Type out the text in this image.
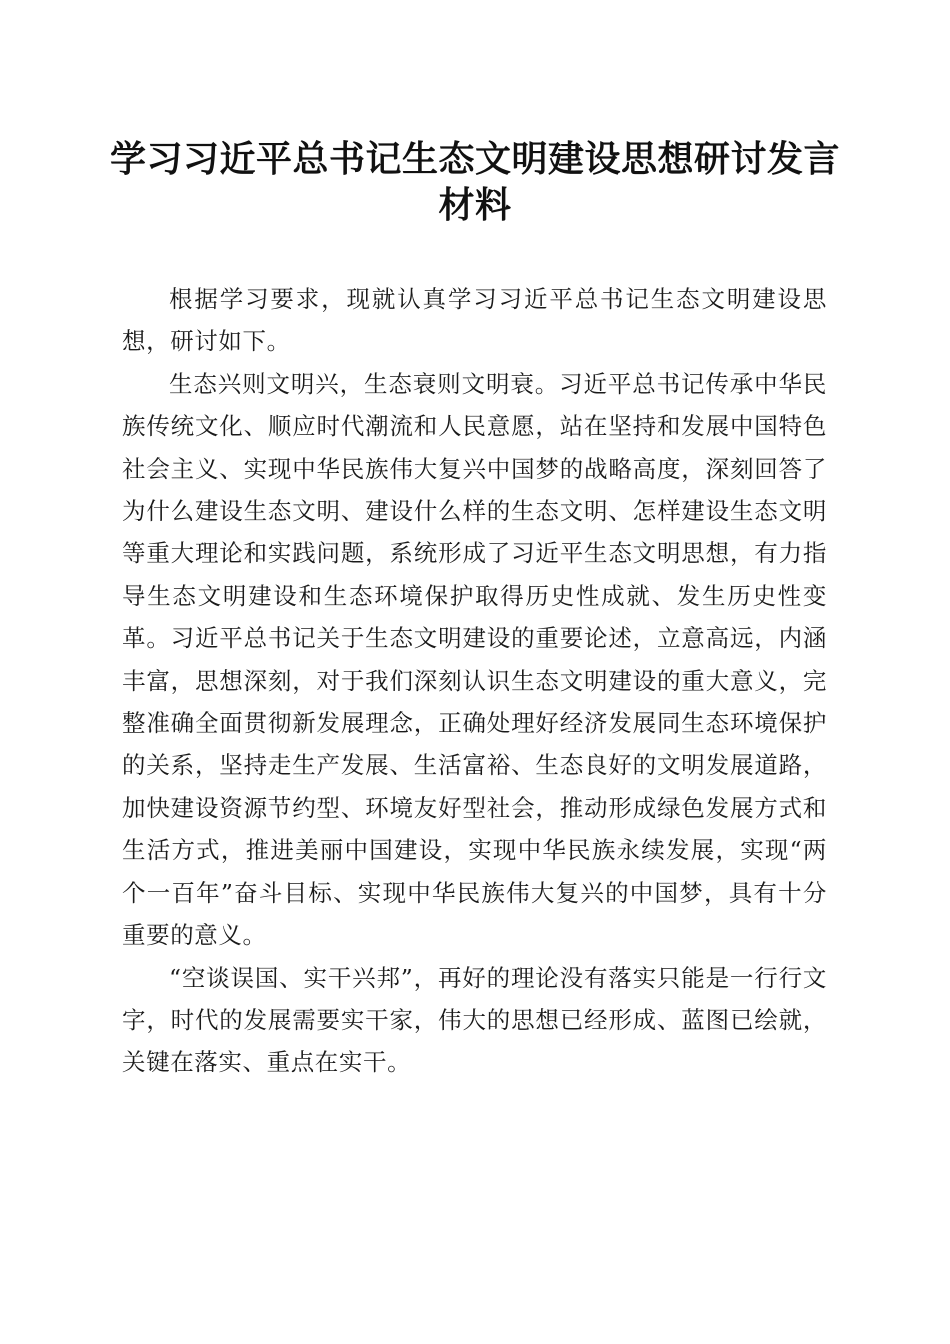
学习习近平总书记生态文明建设思想研讨发言
材料

根据学习要求，现就认真学习习近平总书记生态文明建设思想，研讨如下。

生态兴则文明兴，生态衰则文明衰。习近平总书记传承中华民族传统文化、顺应时代潮流和人民意愿，站在坚持和发展中国特色社会主义、实现中华民族伟大复兴中国梦的战略高度，深刻回答了为什么建设生态文明、建设什么样的生态文明、怎样建设生态文明等重大理论和实践问题，系统形成了习近平生态文明思想，有力指导生态文明建设和生态环境保护取得历史性成就、发生历史性变革。习近平总书记关于生态文明建设的重要论述，立意高远，内涵丰富，思想深刻，对于我们深刻认识生态文明建设的重大意义，完整准确全面贯彻新发展理念，正确处理好经济发展同生态环境保护的关系，坚持走生产发展、生活富裕、生态良好的文明发展道路，加快建设资源节约型、环境友好型社会，推动形成绿色发展方式和生活方式，推进美丽中国建设，实现中华民族永续发展，实现“两个一百年”奋斗目标、实现中华民族伟大复兴的中国梦，具有十分重要的意义。

“空谈误国、实干兴邦”，再好的理论没有落实只能是一行行文字，时代的发展需要实干家，伟大的思想已经形成、蓝图已绘就，关键在落实、重点在实干。
